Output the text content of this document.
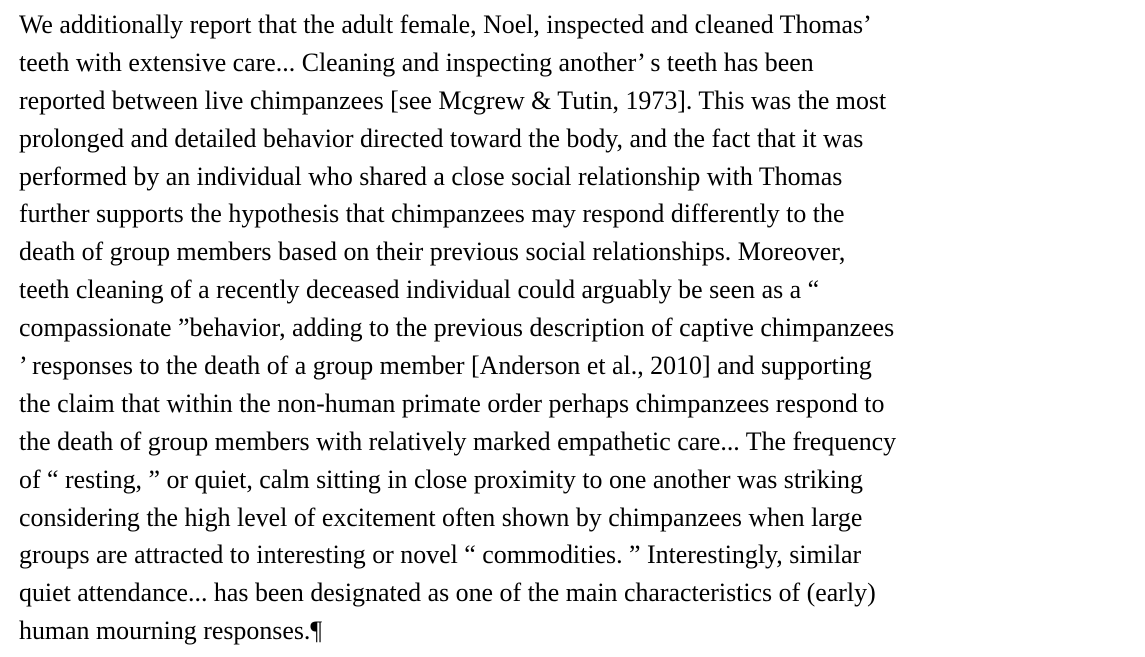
We additionally report that the adult female, Noel, inspected and cleaned Thomas’
teeth with extensive care... Cleaning and inspecting another’ s teeth has been
reported between live chimpanzees [see Mcgrew & Tutin, 1973]. This was the most
prolonged and detailed behavior directed toward the body, and the fact that it was
performed by an individual who shared a close social relationship with Thomas
further supports the hypothesis that chimpanzees may respond differently to the
death of group members based on their previous social relationships. Moreover,
teeth cleaning of a recently deceased individual could arguably be seen as a “
compassionate ”behavior, adding to the previous description of captive chimpanzees
’ responses to the death of a group member [Anderson et al., 2010] and supporting
the claim that within the non-human primate order perhaps chimpanzees respond to
the death of group members with relatively marked empathetic care... The frequency
of “ resting, ” or quiet, calm sitting in close proximity to one another was striking
considering the high level of excitement often shown by chimpanzees when large
groups are attracted to interesting or novel “ commodities. ” Interestingly, similar
quiet attendance... has been designated as one of the main characteristics of (early)
human mourning responses.¶
